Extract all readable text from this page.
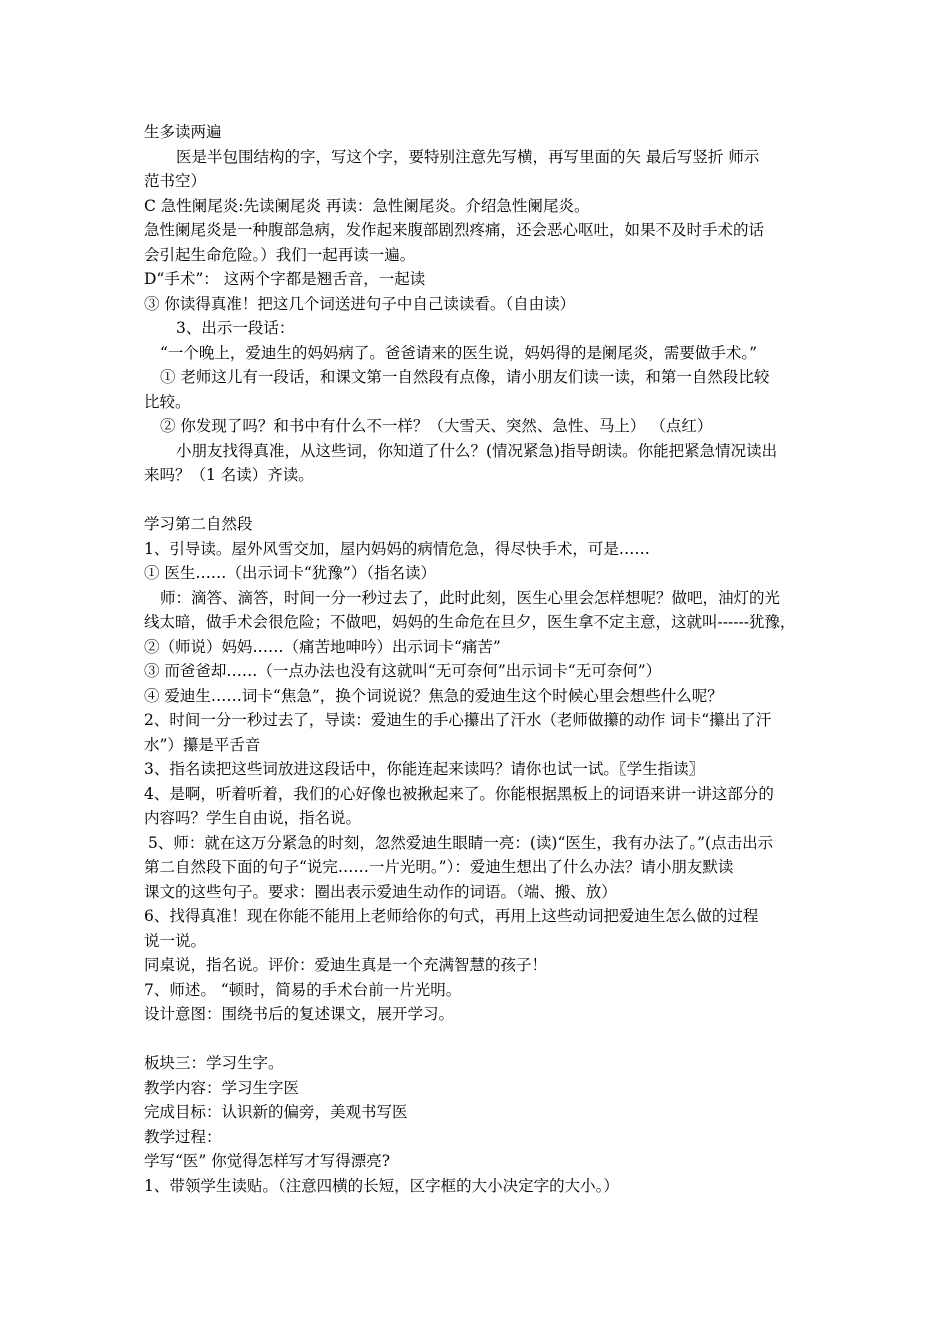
生多读两遍
医是半包围结构的字，写这个字，要特别注意先写横，再写里面的矢 最后写竖折 师示
范书空）
C 急性阑尾炎:先读阑尾炎 再读：急性阑尾炎。介绍急性阑尾炎。
急性阑尾炎是一种腹部急病，发作起来腹部剧烈疼痛，还会恶心呕吐，如果不及时手术的话
会引起生命危险。）我们一起再读一遍。
D“手术”： 这两个字都是翘舌音，一起读
③ 你读得真准！把这几个词送进句子中自己读读看。（自由读）
3、出示一段话：
“一个晚上，爱迪生的妈妈病了。爸爸请来的医生说，妈妈得的是阑尾炎，需要做手术。”
① 老师这儿有一段话，和课文第一自然段有点像，请小朋友们读一读，和第一自然段比较
比较。
② 你发现了吗？和书中有什么不一样？（大雪天、突然、急性、马上） （点红）
小朋友找得真准，从这些词，你知道了什么？(情况紧急)指导朗读。你能把紧急情况读出
来吗？（1 名读）齐读。
学习第二自然段
1、引导读。屋外风雪交加，屋内妈妈的病情危急，得尽快手术，可是……
① 医生……（出示词卡“犹豫”）（指名读）
师：滴答、滴答，时间一分一秒过去了，此时此刻，医生心里会怎样想呢？做吧，油灯的光
线太暗，做手术会很危险；不做吧，妈妈的生命危在旦夕，医生拿不定主意，这就叫------犹豫，
②（师说）妈妈……（痛苦地呻吟）出示词卡“痛苦”
③ 而爸爸却……（一点办法也没有这就叫“无可奈何”出示词卡“无可奈何”）
④ 爱迪生……词卡“焦急”，换个词说说？焦急的爱迪生这个时候心里会想些什么呢？
2、时间一分一秒过去了，导读：爱迪生的手心攥出了汗水（老师做攥的动作 词卡“攥出了汗
水”）攥是平舌音
3、指名读把这些词放进这段话中，你能连起来读吗？请你也试一试。〖学生指读〗
4、是啊，听着听着，我们的心好像也被揪起来了。你能根据黑板上的词语来讲一讲这部分的
内容吗？学生自由说，指名说。
5、师：就在这万分紧急的时刻，忽然爱迪生眼睛一亮：(读)“医生，我有办法了。”(点击出示
第二自然段下面的句子“说完……一片光明。”）：爱迪生想出了什么办法？请小朋友默读
课文的这些句子。要求：圈出表示爱迪生动作的词语。（端、搬、放）
6、找得真准！现在你能不能用上老师给你的句式，再用上这些动词把爱迪生怎么做的过程
说一说。
同桌说，指名说。评价：爱迪生真是一个充满智慧的孩子！
7、师述。 “顿时，简易的手术台前一片光明。
设计意图：围绕书后的复述课文，展开学习。
板块三：学习生字。
教学内容：学习生字医
完成目标：认识新的偏旁，美观书写医
教学过程：
学写“医” 你觉得怎样写才写得漂亮?
1、带领学生读贴。（注意四横的长短，区字框的大小决定字的大小。）
